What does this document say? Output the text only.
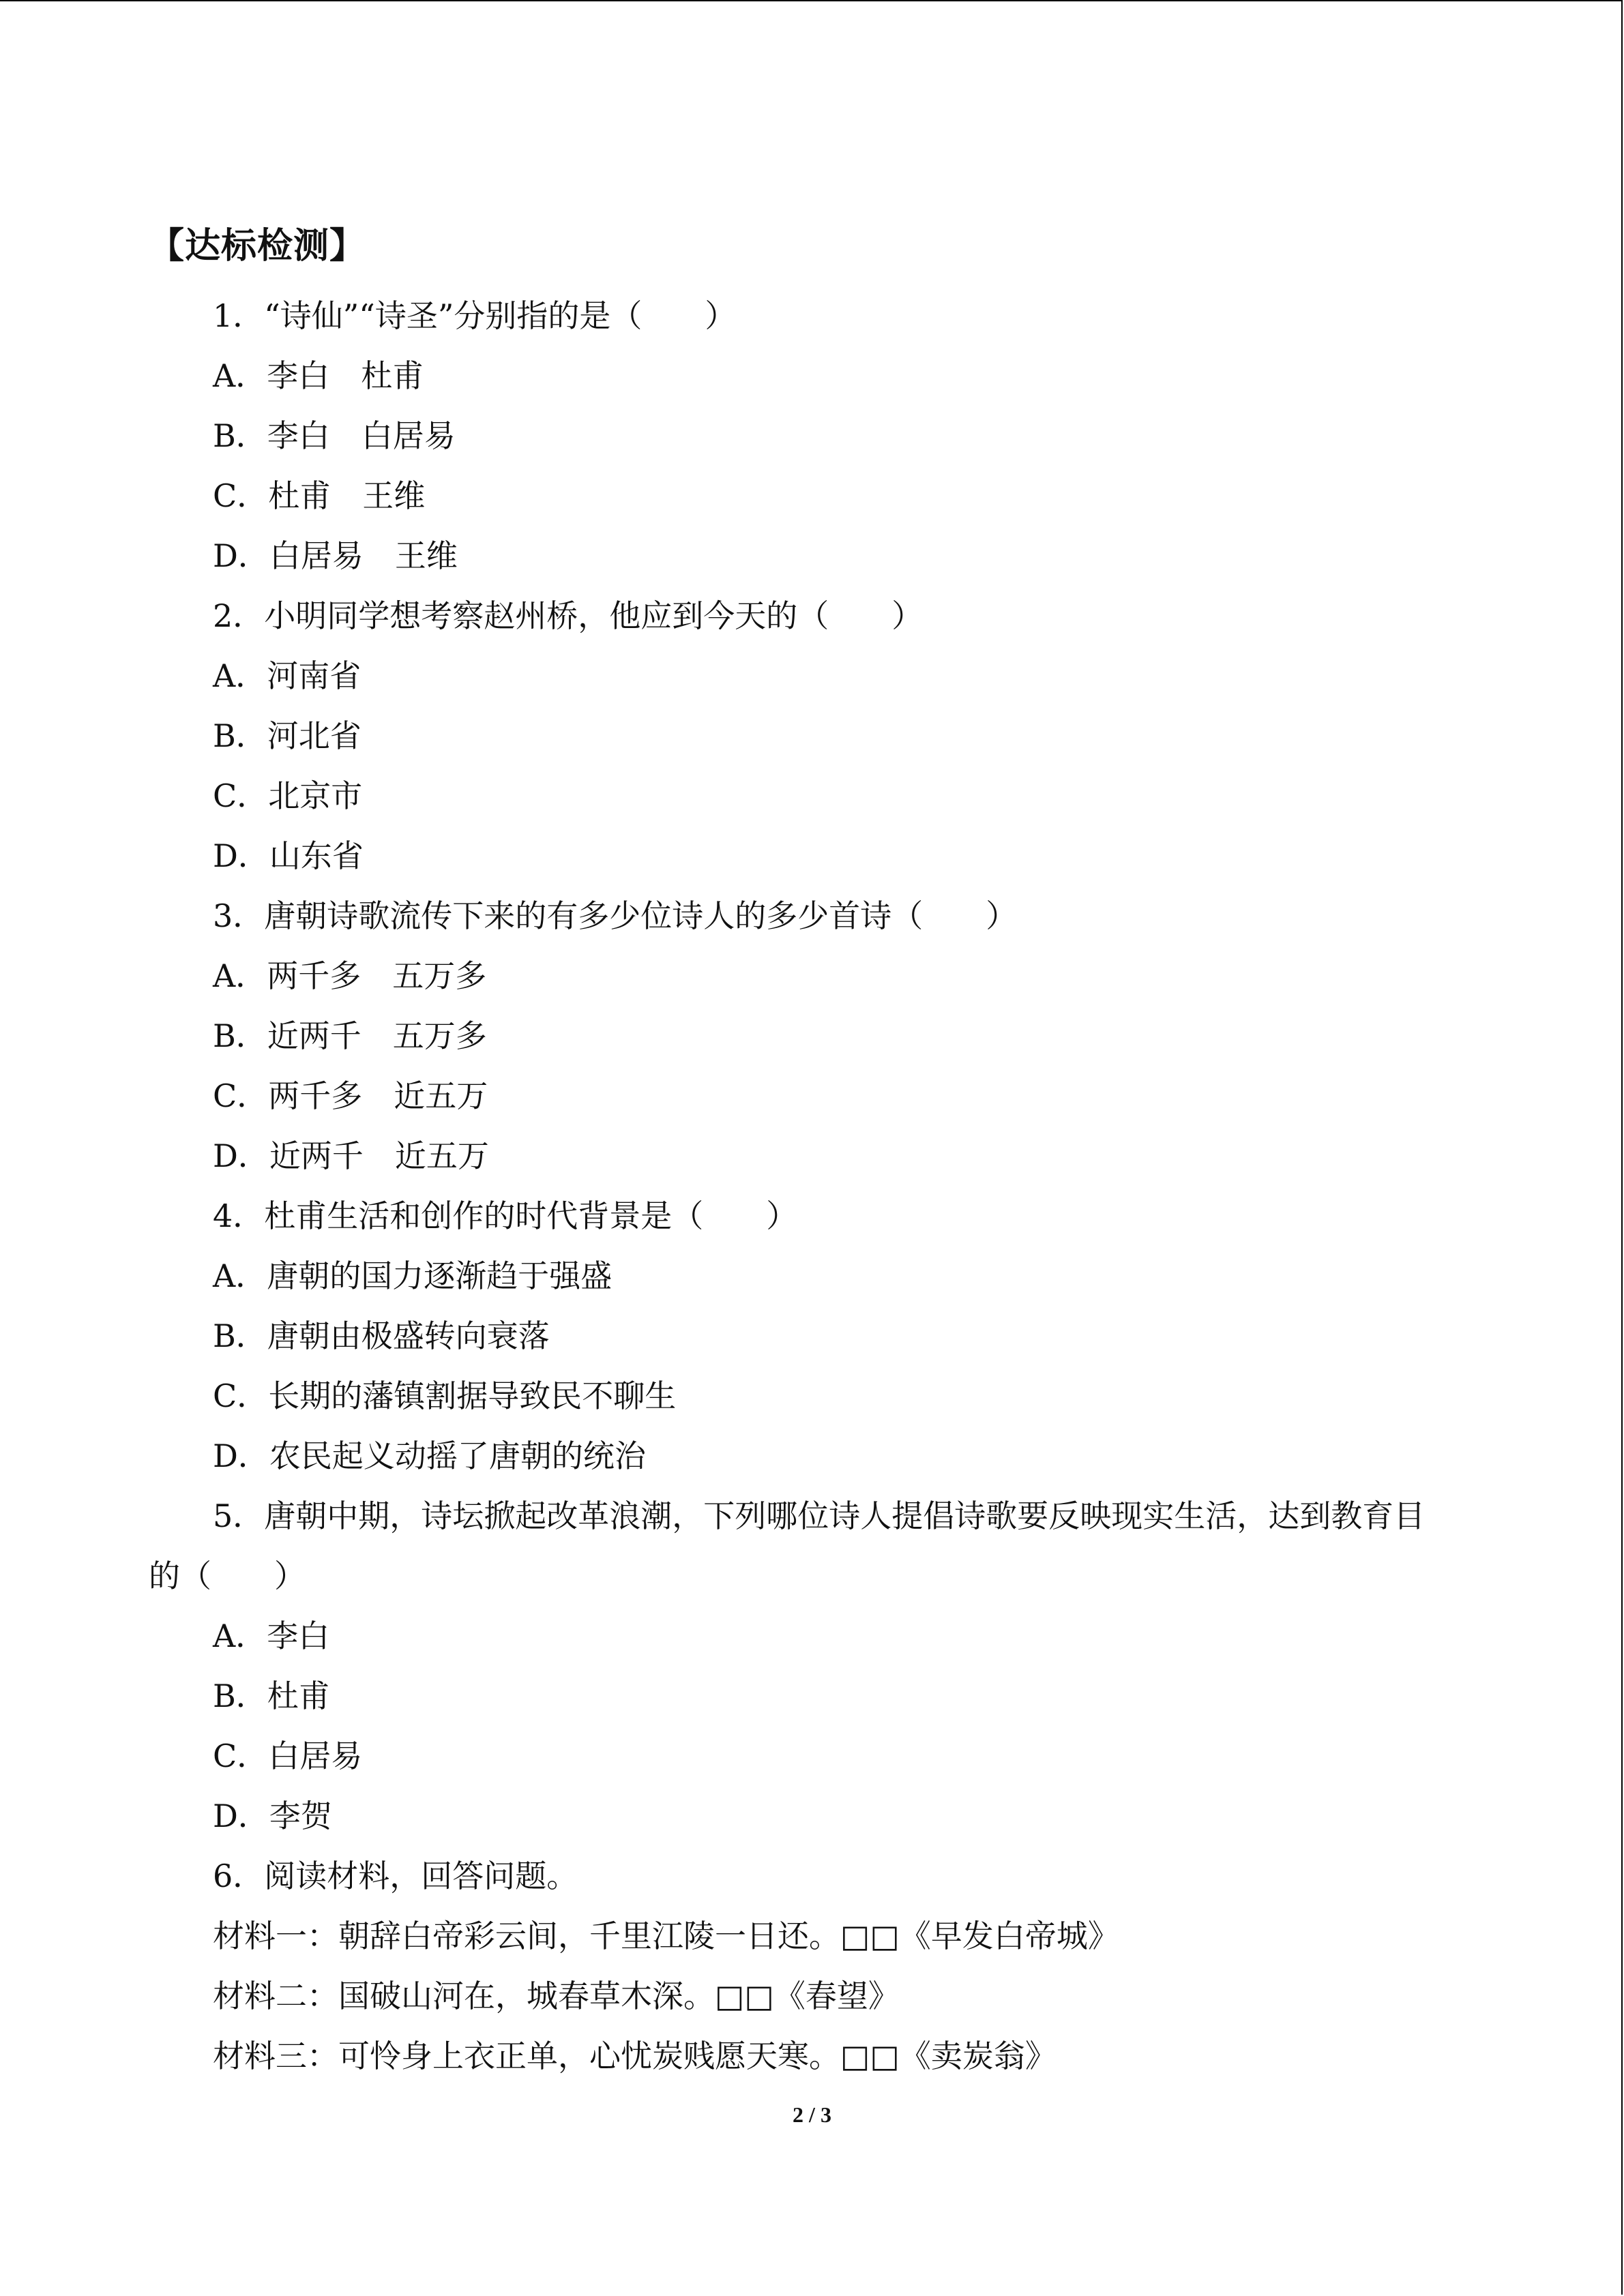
【达标检测】
1．“诗仙”“诗圣”分别指的是（　　）
A．李白　杜甫
B．李白　白居易
C．杜甫　王维
D．白居易　王维
2．小明同学想考察赵州桥，他应到今天的（　　）
A．河南省
B．河北省
C．北京市
D．山东省
3．唐朝诗歌流传下来的有多少位诗人的多少首诗（　　）
A．两千多　五万多
B．近两千　五万多
C．两千多　近五万
D．近两千　近五万
4．杜甫生活和创作的时代背景是（　　）
A．唐朝的国力逐渐趋于强盛
B．唐朝由极盛转向衰落
C．长期的藩镇割据导致民不聊生
D．农民起义动摇了唐朝的统治
5．唐朝中期，诗坛掀起改革浪潮，下列哪位诗人提倡诗歌要反映现实生活，达到教育目
的（　　）
A．李白
B．杜甫
C．白居易
D．李贺
6．阅读材料，回答问题。
材料一：朝辞白帝彩云间，千里江陵一日还。□□《早发白帝城》
材料二：国破山河在，城春草木深。□□《春望》
材料三：可怜身上衣正单，心忧炭贱愿天寒。□□《卖炭翁》
2 / 3
